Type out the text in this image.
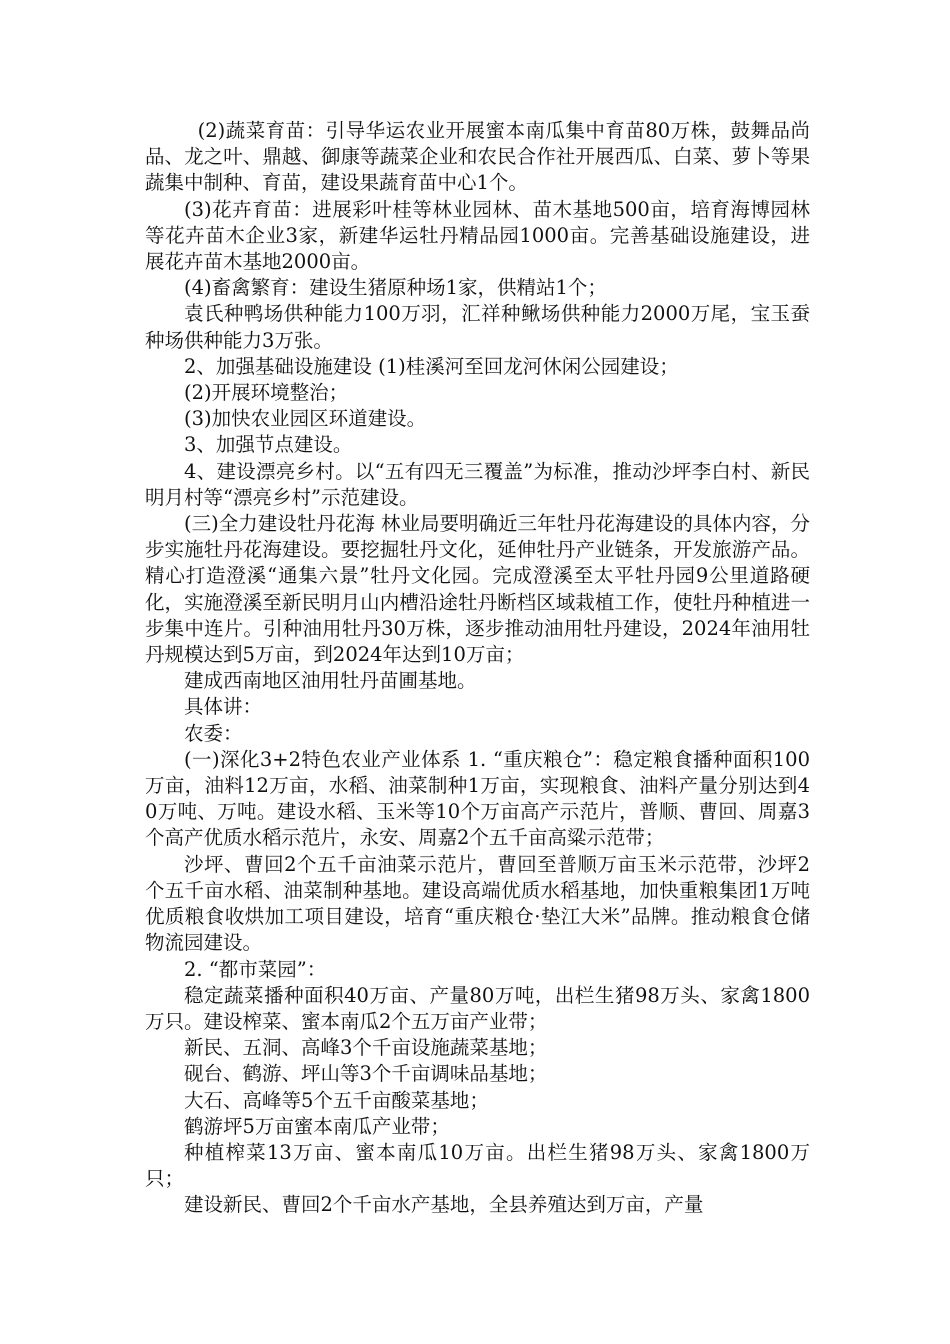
(2)蔬菜育苗：引导华运农业开展蜜本南瓜集中育苗80万株，鼓舞品尚品、龙之叶、鼎越、御康等蔬菜企业和农民合作社开展西瓜、白菜、萝卜等果蔬集中制种、育苗，建设果蔬育苗中心1个。

(3)花卉育苗：进展彩叶桂等林业园林、苗木基地500亩，培育海博园林等花卉苗木企业3家，新建华运牡丹精品园1000亩。完善基础设施建设，进展花卉苗木基地2000亩。

(4)畜禽繁育：建设生猪原种场1家，供精站1个；

袁氏种鸭场供种能力100万羽，汇祥种鳅场供种能力2000万尾，宝玉蚕种场供种能力3万张。

2、加强基础设施建设 (1)桂溪河至回龙河休闲公园建设；

(2)开展环境整治；

(3)加快农业园区环道建设。

3、加强节点建设。

4、建设漂亮乡村。以“五有四无三覆盖”为标准，推动沙坪李白村、新民明月村等“漂亮乡村”示范建设。

(三)全力建设牡丹花海 林业局要明确近三年牡丹花海建设的具体内容，分步实施牡丹花海建设。要挖掘牡丹文化，延伸牡丹产业链条，开发旅游产品。精心打造澄溪“通集六景”牡丹文化园。完成澄溪至太平牡丹园9公里道路硬化，实施澄溪至新民明月山内槽沿途牡丹断档区域栽植工作，使牡丹种植进一步集中连片。引种油用牡丹30万株，逐步推动油用牡丹建设，2024年油用牡丹规模达到5万亩，到2024年达到10万亩；

建成西南地区油用牡丹苗圃基地。

具体讲：

农委：

(一)深化3+2特色农业产业体系 1. “重庆粮仓”：稳定粮食播种面积100万亩，油料12万亩，水稻、油菜制种1万亩，实现粮食、油料产量分别达到40万吨、万吨。建设水稻、玉米等10个万亩高产示范片，普顺、曹回、周嘉3个高产优质水稻示范片，永安、周嘉2个五千亩高粱示范带；

沙坪、曹回2个五千亩油菜示范片，曹回至普顺万亩玉米示范带，沙坪2个五千亩水稻、油菜制种基地。建设高端优质水稻基地，加快重粮集团1万吨优质粮食收烘加工项目建设，培育“重庆粮仓·垫江大米”品牌。推动粮食仓储物流园建设。

2. “都市菜园”：

稳定蔬菜播种面积40万亩、产量80万吨，出栏生猪98万头、家禽1800万只。建设榨菜、蜜本南瓜2个五万亩产业带；

新民、五洞、高峰3个千亩设施蔬菜基地；

砚台、鹤游、坪山等3个千亩调味品基地；

大石、高峰等5个五千亩酸菜基地；

鹤游坪5万亩蜜本南瓜产业带；

种植榨菜13万亩、蜜本南瓜10万亩。出栏生猪98万头、家禽1800万只；

建设新民、曹回2个千亩水产基地，全县养殖达到万亩，产量
